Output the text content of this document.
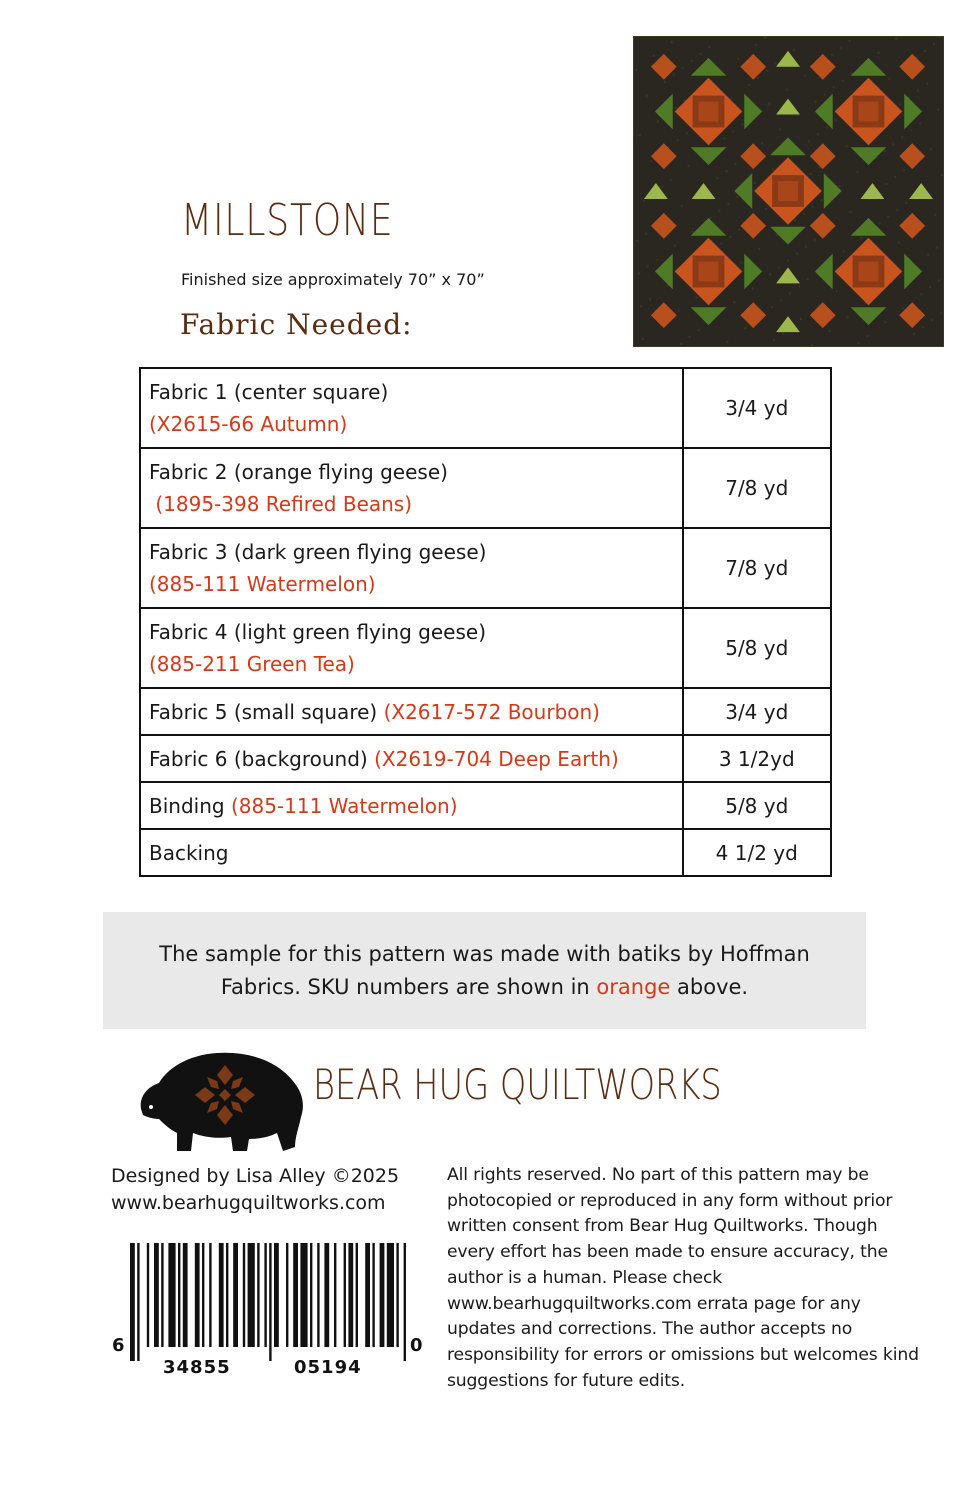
MILLSTONE
Finished size approximately 70” x 70”
Fabric Needed:
Fabric 1 (center square)
(X2615-66 Autumn)	3/4 yd
Fabric 2 (orange flying geese)
(1895-398 Refired Beans)	7/8 yd
Fabric 3 (dark green flying geese)
(885-111 Watermelon)	7/8 yd
Fabric 4 (light green flying geese)
(885-211 Green Tea)	5/8 yd
Fabric 5 (small square) (X2617-572 Bourbon)	3/4 yd
Fabric 6 (background) (X2619-704 Deep Earth)	3 1/2yd
Binding (885-111 Watermelon)	5/8 yd
Backing	4 1/2 yd
The sample for this pattern was made with batiks by Hoffman Fabrics. SKU numbers are shown in orange above.
BEAR HUG QUILTWORKS
Designed by Lisa Alley ©2025
www.bearhugquiltworks.com
All rights reserved. No part of this pattern may be photocopied or reproduced in any form without prior written consent from Bear Hug Quiltworks. Though every effort has been made to ensure accuracy, the author is a human. Please check www.bearhugquiltworks.com errata page for any updates and corrections. The author accepts no responsibility for errors or omissions but welcomes kind suggestions for future edits.
6
34855	05194
0
